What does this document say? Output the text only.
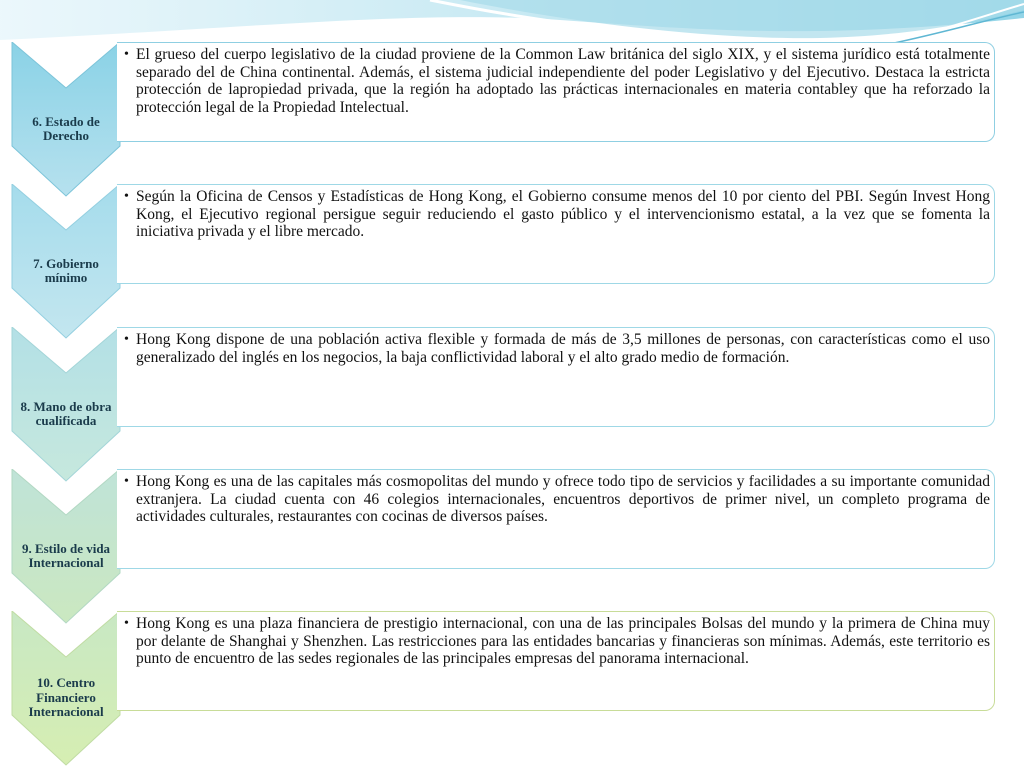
6. Estado de Derecho
• El grueso del cuerpo legislativo de la ciudad proviene de la Common Law británica del siglo XIX, y el sistema jurídico está totalmente separado del de China continental. Además, el sistema judicial independiente del poder Legislativo y del Ejecutivo. Destaca la estricta protección de lapropiedad privada, que la región ha adoptado las prácticas internacionales en materia contabley que ha reforzado la protección legal de la Propiedad Intelectual.
7. Gobierno mínimo
• Según la Oficina de Censos y Estadísticas de Hong Kong, el Gobierno consume menos del 10 por ciento del PBI. Según Invest Hong Kong, el Ejecutivo regional persigue seguir reduciendo el gasto público y el intervencionismo estatal, a la vez que se fomenta la iniciativa privada y el libre mercado.
8. Mano de obra cualificada
• Hong Kong dispone de una población activa flexible y formada de más de 3,5 millones de personas, con características como el uso generalizado del inglés en los negocios, la baja conflictividad laboral y el alto grado medio de formación.
9. Estilo de vida Internacional
• Hong Kong es una de las capitales más cosmopolitas del mundo y ofrece todo tipo de servicios y facilidades a su importante comunidad extranjera. La ciudad cuenta con 46 colegios internacionales, encuentros deportivos de primer nivel, un completo programa de actividades culturales, restaurantes con cocinas de diversos países.
10. Centro Financiero Internacional
• Hong Kong es una plaza financiera de prestigio internacional, con una de las principales Bolsas del mundo y la primera de China muy por delante de Shanghai y Shenzhen. Las restricciones para las entidades bancarias y financieras son mínimas. Además, este territorio es punto de encuentro de las sedes regionales de las principales empresas del panorama internacional.
